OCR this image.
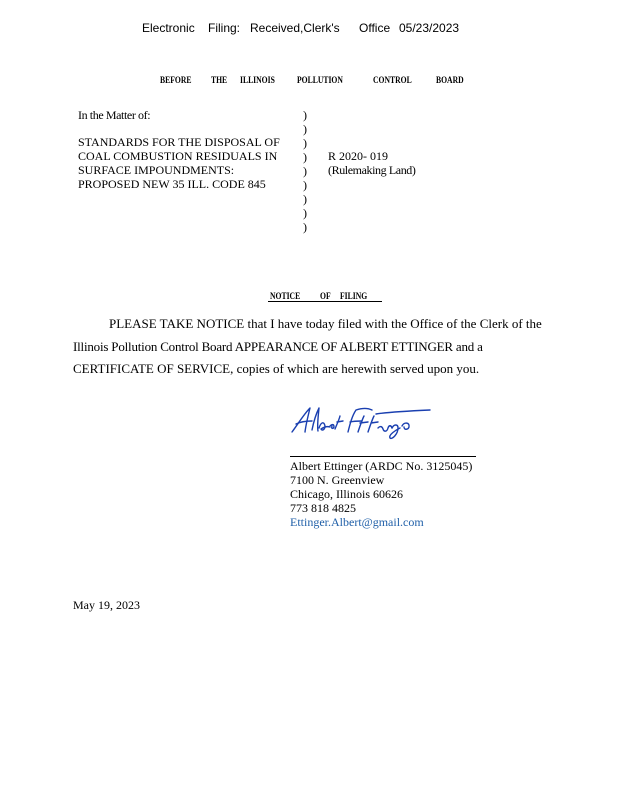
Electronic Filing: Received,Clerk's Office 05/23/2023
BEFORE THE ILLINOIS POLLUTION	CONTROL	BOARD
In the Matter of:
STANDARDS FOR THE DISPOSAL OF
COAL COMBUSTION RESIDUALS IN
SURFACE IMPOUNDMENTS:
PROPOSED NEW 35 ILL. CODE 845
)
)
)
)
)
)
)
)
)
R 2020- 019
(Rulemaking Land)
NOTICE OF FILING
PLEASE TAKE NOTICE that I have today filed with the Office of the Clerk of the
Illinois Pollution Control Board APPEARANCE OF ALBERT ETTINGER and a
CERTIFICATE OF SERVICE, copies of which are herewith served upon you.
Albert Ettinger (ARDC No. 3125045)
7100 N. Greenview
Chicago, Illinois 60626
773 818 4825
Ettinger.Albert@gmail.com
May 19, 2023
